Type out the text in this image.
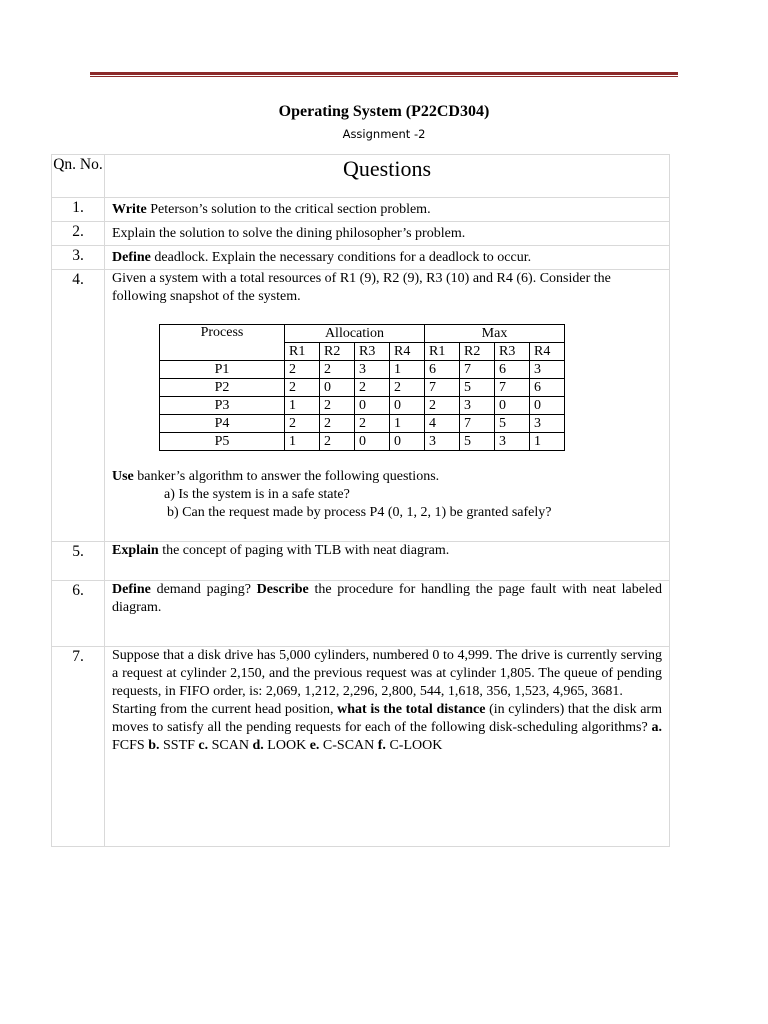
Operating System (P22CD304)
Assignment -2
Qn. No.	Questions
1.	Write Peterson’s solution to the critical section problem.
2.	Explain the solution to solve the dining philosopher’s problem.
3.	Define deadlock. Explain the necessary conditions for a deadlock to occur.
4.	Given a system with a total resources of R1 (9), R2 (9), R3 (10) and R4 (6). Consider the following snapshot of the system.
Process	Allocation	Max
R1	R2	R3	R4	R1	R2	R3	R4
P1	2	2	3	1	6	7	6	3
P2	2	0	2	2	7	5	7	6
P3	1	2	0	0	2	3	0	0
P4	2	2	2	1	4	7	5	3
P5	1	2	0	0	3	5	3	1
Use banker’s algorithm to answer the following questions.
a) Is the system is in a safe state?
b) Can the request made by process P4 (0, 1, 2, 1) be granted safely?

5.	Explain the concept of paging with TLB with neat diagram.
6.	Define demand paging? Describe the procedure for handling the page fault with neat labeled diagram.
7.	Suppose that a disk drive has 5,000 cylinders, numbered 0 to 4,999. The drive is currently serving a request at cylinder 2,150, and the previous request was at cylinder 1,805. The queue of pending requests, in FIFO order, is: 2,069, 1,212, 2,296, 2,800, 544, 1,618, 356, 1,523, 4,965, 3681.
Starting from the current head position, what is the total distance (in cylinders) that the disk arm moves to satisfy all the pending requests for each of the following disk-scheduling algorithms? a. FCFS b. SSTF c. SCAN d. LOOK e. C-SCAN f. C-LOOK
